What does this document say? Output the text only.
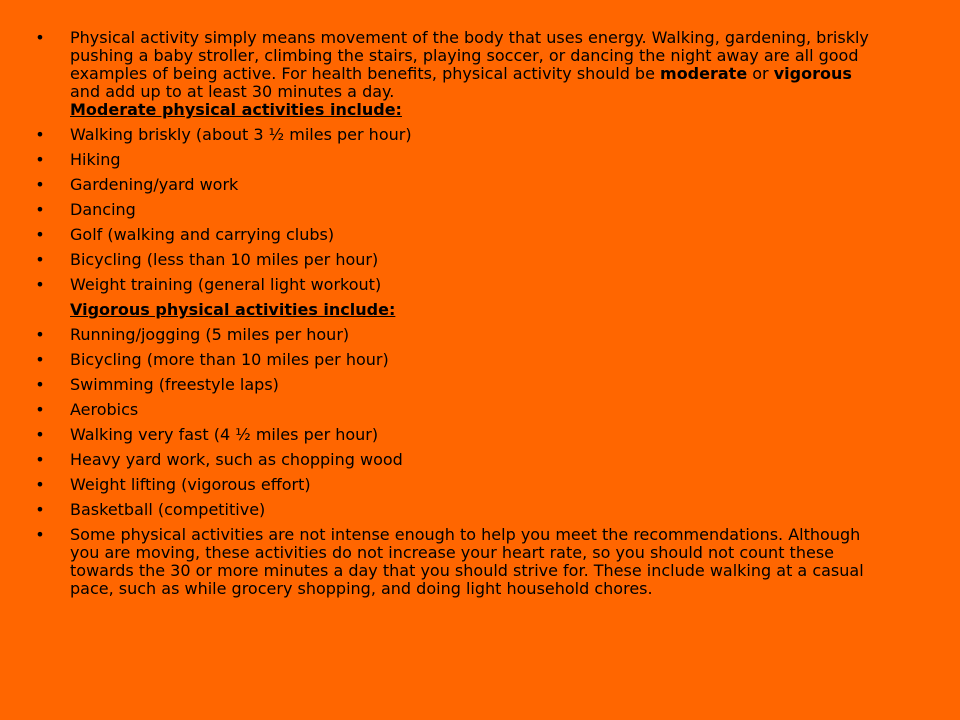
• Physical activity simply means movement of the body that uses energy. Walking, gardening, briskly pushing a baby stroller, climbing the stairs, playing soccer, or dancing the night away are all good examples of being active. For health benefits, physical activity should be moderate or vigorous and add up to at least 30 minutes a day.
Moderate physical activities include:
• Walking briskly (about 3 ½ miles per hour)
• Hiking
• Gardening/yard work
• Dancing
• Golf (walking and carrying clubs)
• Bicycling (less than 10 miles per hour)
• Weight training (general light workout)
Vigorous physical activities include:
• Running/jogging (5 miles per hour)
• Bicycling (more than 10 miles per hour)
• Swimming (freestyle laps)
• Aerobics
• Walking very fast (4 ½ miles per hour)
• Heavy yard work, such as chopping wood
• Weight lifting (vigorous effort)
• Basketball (competitive)
• Some physical activities are not intense enough to help you meet the recommendations. Although you are moving, these activities do not increase your heart rate, so you should not count these towards the 30 or more minutes a day that you should strive for. These include walking at a casual pace, such as while grocery shopping, and doing light household chores.
